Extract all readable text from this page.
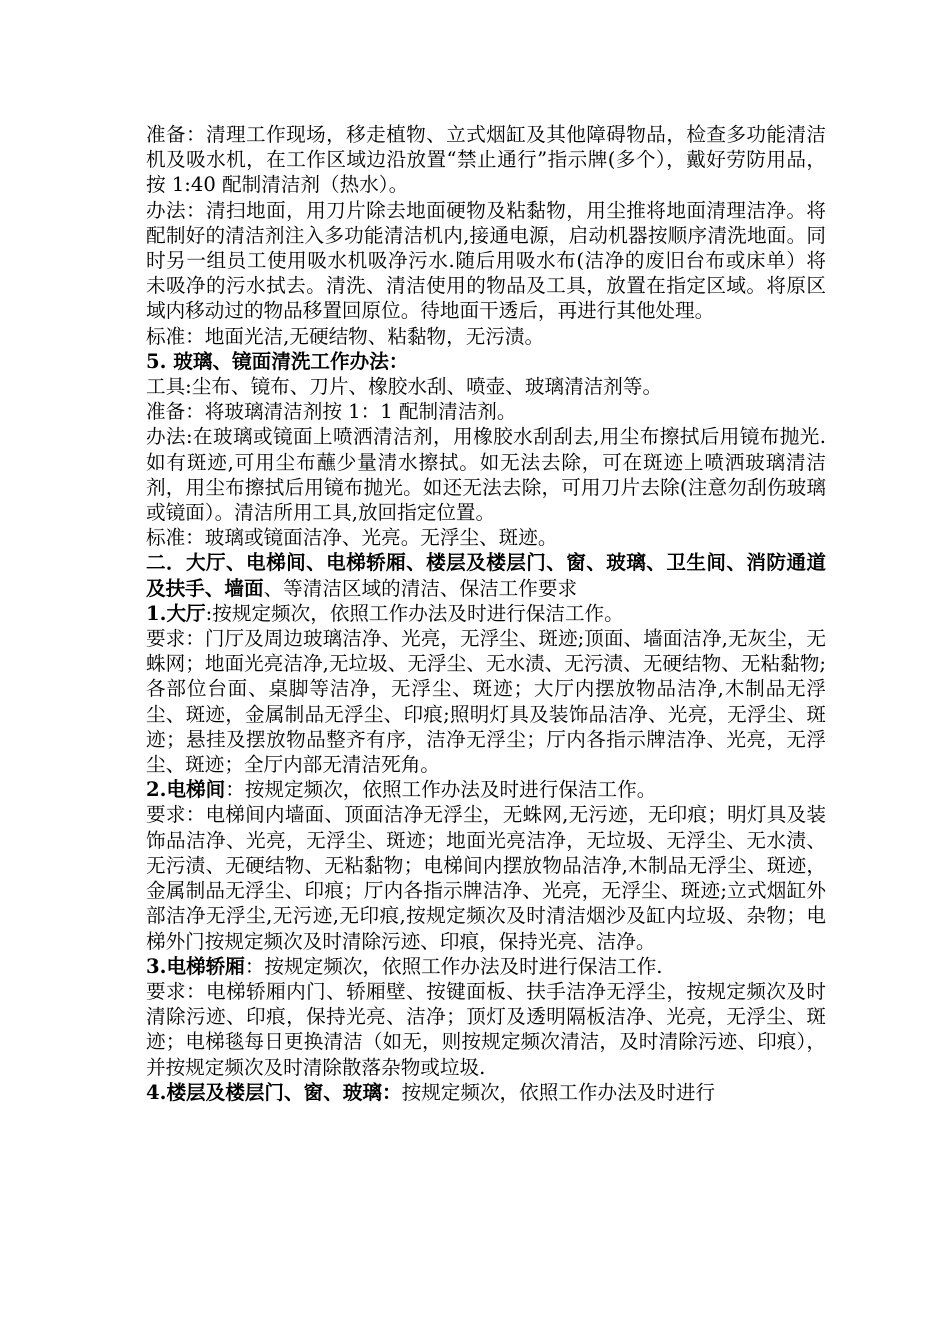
准备：清理工作现场，移走植物、立式烟缸及其他障碍物品，检查多功能清洁机及吸水机，在工作区域边沿放置“禁止通行”指示牌(多个），戴好劳防用品，按 1:40 配制清洁剂（热水）。

办法：清扫地面，用刀片除去地面硬物及粘黏物，用尘推将地面清理洁净。将配制好的清洁剂注入多功能清洁机内,接通电源，启动机器按顺序清洗地面。同时另一组员工使用吸水机吸净污水.随后用吸水布(洁净的废旧台布或床单）将未吸净的污水拭去。清洗、清洁使用的物品及工具，放置在指定区域。将原区域内移动过的物品移置回原位。待地面干透后，再进行其他处理。

标准：地面光洁,无硬结物、粘黏物，无污渍。

5. 玻璃、镜面清洗工作办法：

工具:尘布、镜布、刀片、橡胶水刮、喷壶、玻璃清洁剂等。

准备：将玻璃清洁剂按 1：1 配制清洁剂。

办法:在玻璃或镜面上喷洒清洁剂，用橡胶水刮刮去,用尘布擦拭后用镜布抛光.如有斑迹,可用尘布蘸少量清水擦拭。如无法去除，可在斑迹上喷洒玻璃清洁剂，用尘布擦拭后用镜布抛光。如还无法去除，可用刀片去除(注意勿刮伤玻璃或镜面）。清洁所用工具,放回指定位置。

标准：玻璃或镜面洁净、光亮。无浮尘、斑迹。

二．大厅、电梯间、电梯轿厢、楼层及楼层门、窗、玻璃、卫生间、消防通道及扶手、墙面、等清洁区域的清洁、保洁工作要求

1.大厅:按规定频次，依照工作办法及时进行保洁工作。

要求：门厅及周边玻璃洁净、光亮，无浮尘、斑迹;顶面、墙面洁净,无灰尘，无蛛网；地面光亮洁净,无垃圾、无浮尘、无水渍、无污渍、无硬结物、无粘黏物;各部位台面、桌脚等洁净，无浮尘、斑迹；大厅内摆放物品洁净,木制品无浮尘、斑迹，金属制品无浮尘、印痕;照明灯具及装饰品洁净、光亮，无浮尘、斑迹；悬挂及摆放物品整齐有序，洁净无浮尘；厅内各指示牌洁净、光亮，无浮尘、斑迹；全厅内部无清洁死角。

2.电梯间：按规定频次，依照工作办法及时进行保洁工作。

要求：电梯间内墙面、顶面洁净无浮尘，无蛛网,无污迹，无印痕；明灯具及装饰品洁净、光亮，无浮尘、斑迹；地面光亮洁净，无垃圾、无浮尘、无水渍、无污渍、无硬结物、无粘黏物；电梯间内摆放物品洁净,木制品无浮尘、斑迹，金属制品无浮尘、印痕；厅内各指示牌洁净、光亮，无浮尘、斑迹;立式烟缸外部洁净无浮尘,无污迹,无印痕,按规定频次及时清洁烟沙及缸内垃圾、杂物；电梯外门按规定频次及时清除污迹、印痕，保持光亮、洁净。

3.电梯轿厢：按规定频次，依照工作办法及时进行保洁工作.

要求：电梯轿厢内门、轿厢壁、按键面板、扶手洁净无浮尘，按规定频次及时清除污迹、印痕，保持光亮、洁净；顶灯及透明隔板洁净、光亮，无浮尘、斑迹；电梯毯每日更换清洁（如无，则按规定频次清洁，及时清除污迹、印痕），并按规定频次及时清除散落杂物或垃圾.

4.楼层及楼层门、窗、玻璃：按规定频次，依照工作办法及时进行
